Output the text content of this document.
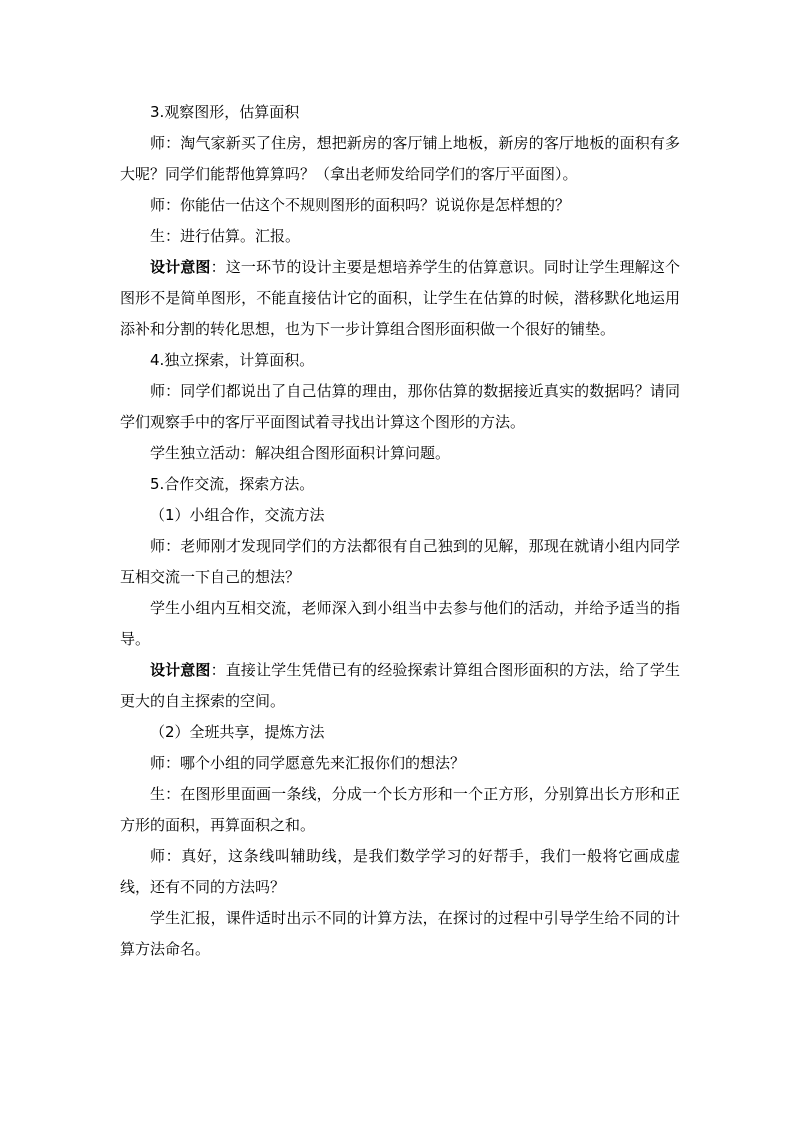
3.观察图形，估算面积

师：淘气家新买了住房，想把新房的客厅铺上地板，新房的客厅地板的面积有多大呢？同学们能帮他算算吗？（拿出老师发给同学们的客厅平面图）。

师：你能估一估这个不规则图形的面积吗？说说你是怎样想的？

生：进行估算。汇报。

设计意图：这一环节的设计主要是想培养学生的估算意识。同时让学生理解这个图形不是简单图形，不能直接估计它的面积，让学生在估算的时候，潜移默化地运用添补和分割的转化思想，也为下一步计算组合图形面积做一个很好的铺垫。

4.独立探索，计算面积。

师：同学们都说出了自己估算的理由，那你估算的数据接近真实的数据吗？请同学们观察手中的客厅平面图试着寻找出计算这个图形的方法。

学生独立活动：解决组合图形面积计算问题。

5.合作交流，探索方法。

（1）小组合作，交流方法

师：老师刚才发现同学们的方法都很有自己独到的见解，那现在就请小组内同学互相交流一下自己的想法？

学生小组内互相交流，老师深入到小组当中去参与他们的活动，并给予适当的指导。

设计意图：直接让学生凭借已有的经验探索计算组合图形面积的方法，给了学生更大的自主探索的空间。

（2）全班共享，提炼方法

师：哪个小组的同学愿意先来汇报你们的想法？

生：在图形里面画一条线，分成一个长方形和一个正方形，分别算出长方形和正方形的面积，再算面积之和。

师：真好，这条线叫辅助线，是我们数学学习的好帮手，我们一般将它画成虚线，还有不同的方法吗？

学生汇报，课件适时出示不同的计算方法，在探讨的过程中引导学生给不同的计算方法命名。
